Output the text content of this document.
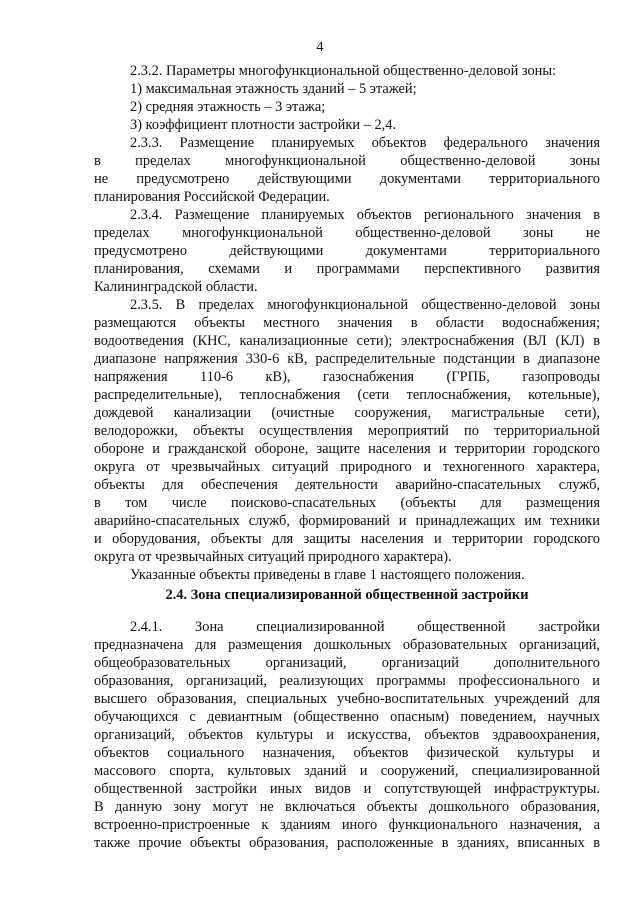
4
2.3.2. Параметры многофункциональной общественно-деловой зоны:
1) максимальная этажность зданий – 5 этажей;
2) средняя этажность – 3 этажа;
3) коэффициент плотности застройки – 2,4.
2.3.3. Размещение планируемых объектов федерального значения
в пределах многофункциональной общественно-деловой зоны
не предусмотрено действующими документами территориального
планирования Российской Федерации.
2.3.4. Размещение планируемых объектов регионального значения в
пределах многофункциональной общественно-деловой зоны не
предусмотрено действующими документами территориального
планирования, схемами и программами перспективного развития
Калининградской области.
2.3.5. В пределах многофункциональной общественно-деловой зоны
размещаются объекты местного значения в области водоснабжения;
водоотведения (КНС, канализационные сети); электроснабжения (ВЛ (КЛ) в
диапазоне напряжения 330-6 кВ, распределительные подстанции в диапазоне
напряжения 110-6 кВ), газоснабжения (ГРПБ, газопроводы
распределительные), теплоснабжения (сети теплоснабжения, котельные),
дождевой канализации (очистные сооружения, магистральные сети),
велодорожки, объекты осуществления мероприятий по территориальной
обороне и гражданской обороне, защите населения и территории городского
округа от чрезвычайных ситуаций природного и техногенного характера,
объекты для обеспечения деятельности аварийно-спасательных служб,
в том числе поисково-спасательных (объекты для размещения
аварийно-спасательных служб, формирований и принадлежащих им техники
и оборудования, объекты для защиты населения и территории городского
округа от чрезвычайных ситуаций природного характера).
Указанные объекты приведены в главе 1 настоящего положения.
2.4. Зона специализированной общественной застройки
2.4.1. Зона специализированной общественной застройки
предназначена для размещения дошкольных образовательных организаций,
общеобразовательных организаций, организаций дополнительного
образования, организаций, реализующих программы профессионального и
высшего образования, специальных учебно-воспитательных учреждений для
обучающихся с девиантным (общественно опасным) поведением, научных
организаций, объектов культуры и искусства, объектов здравоохранения,
объектов социального назначения, объектов физической культуры и
массового спорта, культовых зданий и сооружений, специализированной
общественной застройки иных видов и сопутствующей инфраструктуры.
В данную зону могут не включаться объекты дошкольного образования,
встроенно-пристроенные к зданиям иного функционального назначения, а
также прочие объекты образования, расположенные в зданиях, вписанных в
